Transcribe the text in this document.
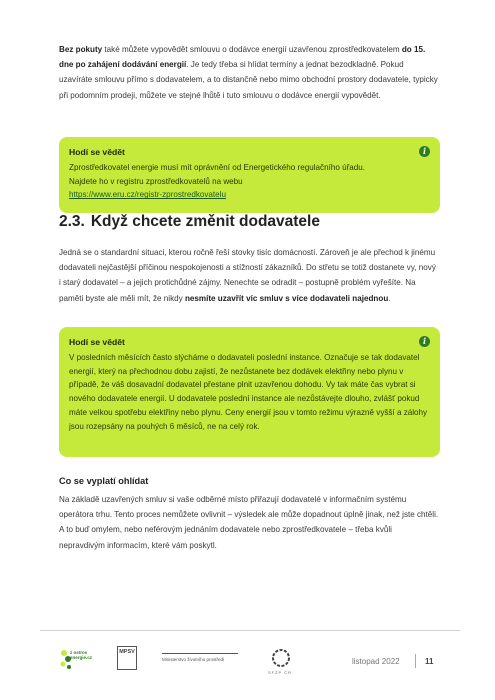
Bez pokuty také můžete vypovědět smlouvu o dodávce energií uzavřenou zprostředkovatelem do 15. dne po zahájení dodávání energií. Je tedy třeba si hlídat termíny a jednat bezodkladně. Pokud uzavíráte smlouvu přímo s dodavatelem, a to distančně nebo mimo obchodní prostory dodavatele, typicky při podomním prodeji, můžete ve stejné lhůtě i tuto smlouvu o dodávce energií vypovědět.

Hodí se vědět	i

Zprostředkovatel energie musí mít oprávnění od Energetického regulačního úřadu.
Najdete ho v registru zprostředkovatelů na webu
https://www.eru.cz/registr-zprostredkovatelu

2.3. Když chcete změnit dodavatele

Jedná se o standardní situaci, kterou ročně řeší stovky tisíc domácností. Zároveň je ale přechod k jinému dodavateli nejčastější příčinou nespokojenosti a stížností zákazníků. Do střetu se totiž dostanete vy, nový i starý dodavatel – a jejich protichůdné zájmy. Nenechte se odradit – postupně problém vyřešíte. Na paměti byste ale měli mít, že nikdy nesmíte uzavřít víc smluv s více dodavateli najednou.

Hodí se vědět	i

V posledních měsících často slýcháme o dodavateli poslední instance. Označuje se tak dodavatel energií, který na přechodnou dobu zajistí, že nezůstanete bez dodávek elektřiny nebo plynu v případě, že váš dosavadní dodavatel přestane plnit uzavřenou dohodu. Vy tak máte čas vybrat si nového dodavatele energií. U dodavatele poslední instance ale nezůstávejte dlouho, zvlášť pokud máte velkou spotřebu elektřiny nebo plynu. Ceny energií jsou v tomto režimu výrazně vyšší a zálohy jsou rozepsány na pouhých 6 měsíců, ne na celý rok.

Co se vyplatí ohlídat

Na základě uzavřených smluv si vaše odběrné místo přiřazují dodavatelé v informačním systému operátora trhu. Tento proces nemůžete ovlivnit – výsledek ale může dopadnout úplně jinak, než jste chtěli. A to buď omylem, nebo neférovým jednáním dodavatele nebo zprostředkovatele – třeba kvůli nepravdivým informacím, které vám poskytl.

z ostrov energie.cz
MPSV
Ministerstvo životního prostředí
SFŽP ČR
listopad 2022	11
